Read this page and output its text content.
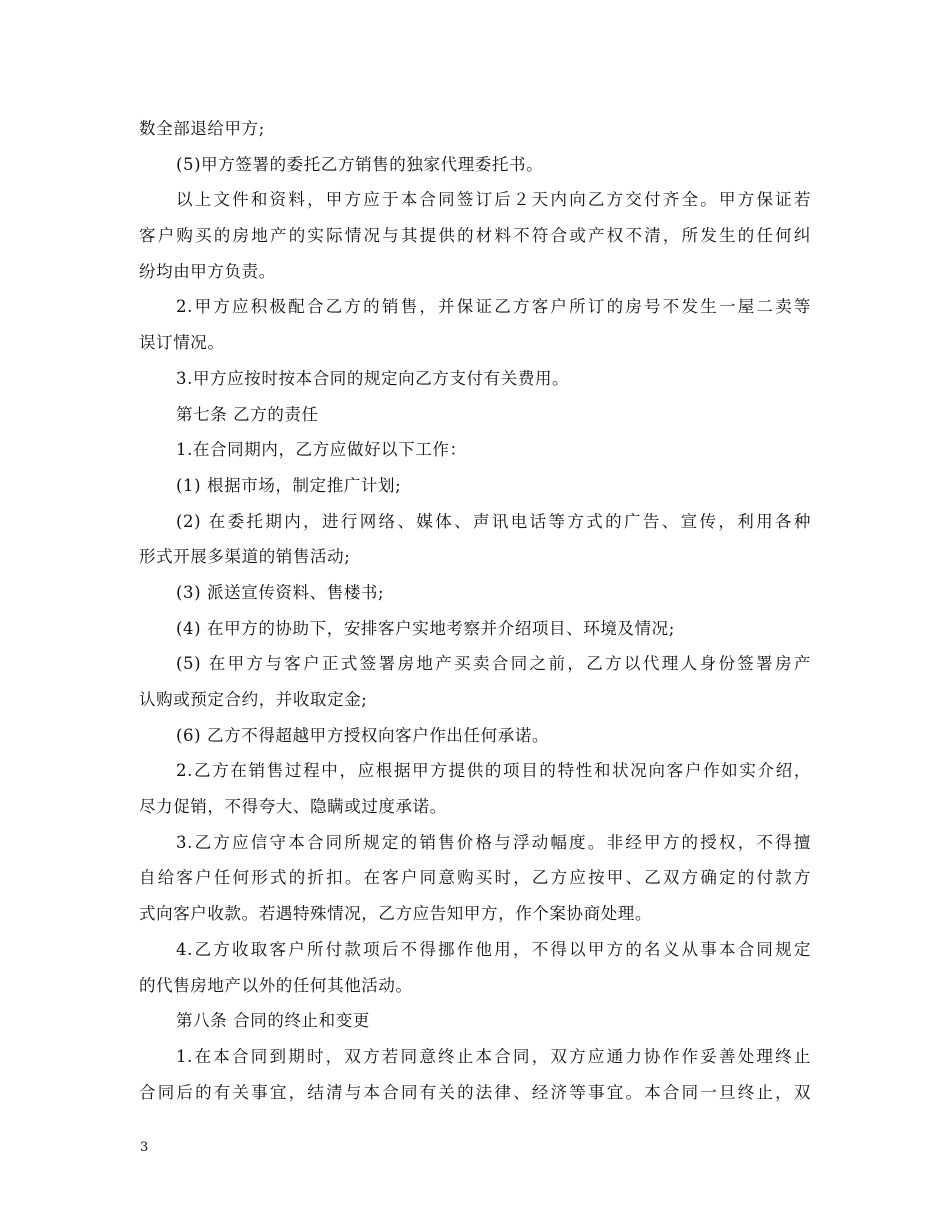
数全部退给甲方;
(5)甲方签署的委托乙方销售的独家代理委托书。
以上文件和资料，甲方应于本合同签订后２天内向乙方交付齐全。甲方保证若
客户购买的房地产的实际情况与其提供的材料不符合或产权不清，所发生的任何纠
纷均由甲方负责。
2.甲方应积极配合乙方的销售，并保证乙方客户所订的房号不发生一屋二卖等
误订情况。
3.甲方应按时按本合同的规定向乙方支付有关费用。
第七条 乙方的责任
1.在合同期内，乙方应做好以下工作：
(1) 根据市场，制定推广计划;
(2) 在委托期内，进行网络、媒体、声讯电话等方式的广告、宣传，利用各种
形式开展多渠道的销售活动;
(3) 派送宣传资料、售楼书;
(4) 在甲方的协助下，安排客户实地考察并介绍项目、环境及情况;
(5) 在甲方与客户正式签署房地产买卖合同之前，乙方以代理人身份签署房产
认购或预定合约，并收取定金;
(6) 乙方不得超越甲方授权向客户作出任何承诺。
2.乙方在销售过程中，应根据甲方提供的项目的特性和状况向客户作如实介绍，
尽力促销，不得夸大、隐瞒或过度承诺。
3.乙方应信守本合同所规定的销售价格与浮动幅度。非经甲方的授权，不得擅
自给客户任何形式的折扣。在客户同意购买时，乙方应按甲、乙双方确定的付款方
式向客户收款。若遇特殊情况，乙方应告知甲方，作个案协商处理。
4.乙方收取客户所付款项后不得挪作他用，不得以甲方的名义从事本合同规定
的代售房地产以外的任何其他活动。
第八条 合同的终止和变更
1.在本合同到期时，双方若同意终止本合同，双方应通力协作作妥善处理终止
合同后的有关事宜，结清与本合同有关的法律、经济等事宜。本合同一旦终止，双
3
